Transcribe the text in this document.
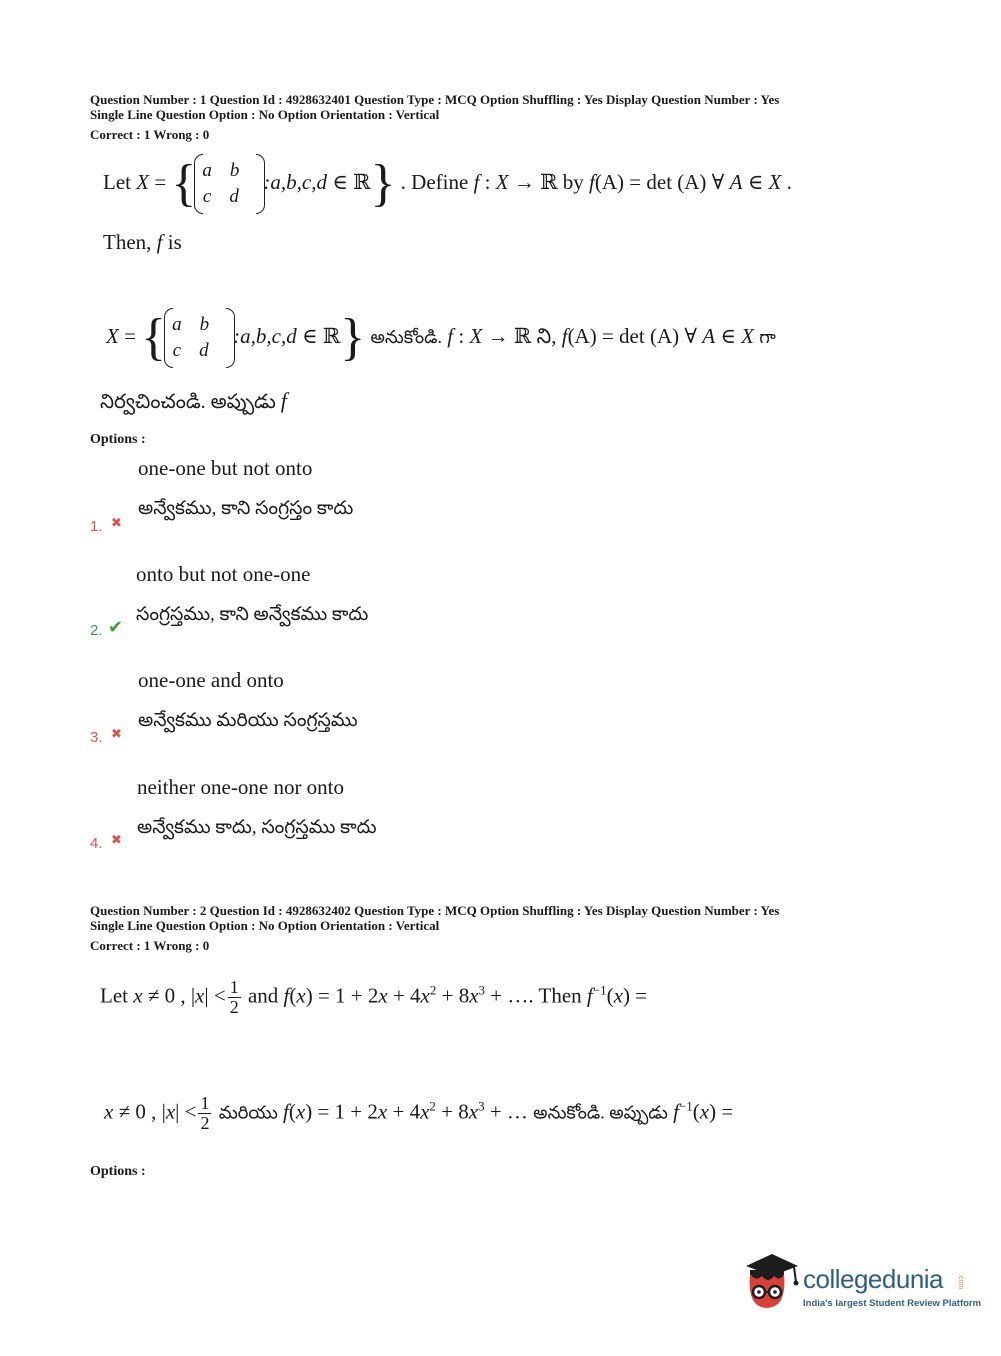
Question Number : 1 Question Id : 4928632401 Question Type : MCQ Option Shuffling : Yes Display Question Number : Yes
Single Line Question Option : No Option Orientation : Vertical
Correct : 1 Wrong : 0
Let X = { ab
cd
:a,b,c,d ∈ ℝ} . Define f : X → ℝ by f(A) = det (A) ∀ A ∈ X .
Then, f is
X = { ab
cd
:a,b,c,d ∈ ℝ} అనుకోండి. f : X → ℝ ని, f(A) = det (A) ∀ A ∈ X గా
నిర్వచించండి. అప్పుడు f
Options :
one-one but not onto
అన్వేకము, కాని సంగ్రస్తం కాదు
1. ✖
onto but not one-one
సంగ్రస్తము, కాని అన్వేకము కాదు
2. ✔
one-one and onto
అన్వేకము మరియు సంగ్రస్తము
3. ✖
neither one-one nor onto
అన్వేకము కాదు, సంగ్రస్తము కాదు
4. ✖
Question Number : 2 Question Id : 4928632402 Question Type : MCQ Option Shuffling : Yes Display Question Number : Yes
Single Line Question Option : No Option Orientation : Vertical
Correct : 1 Wrong : 0
Let x ≠ 0 , $|x| < \frac{1}{2}$ and $f(x) = 1 + 2x + 4x^2 + 8x^3$ + …. Then $f^{-1}(x)$ =
x ≠ 0 , $|x| < \frac{1}{2}$ మరియు $f(x) = 1 + 2x + 4x^2 + 8x^3$ + … అనుకోండి. అప్పుడు $f^{-1}(x)$ =
Options :
collegedunia .com
India's largest Student Review Platform
